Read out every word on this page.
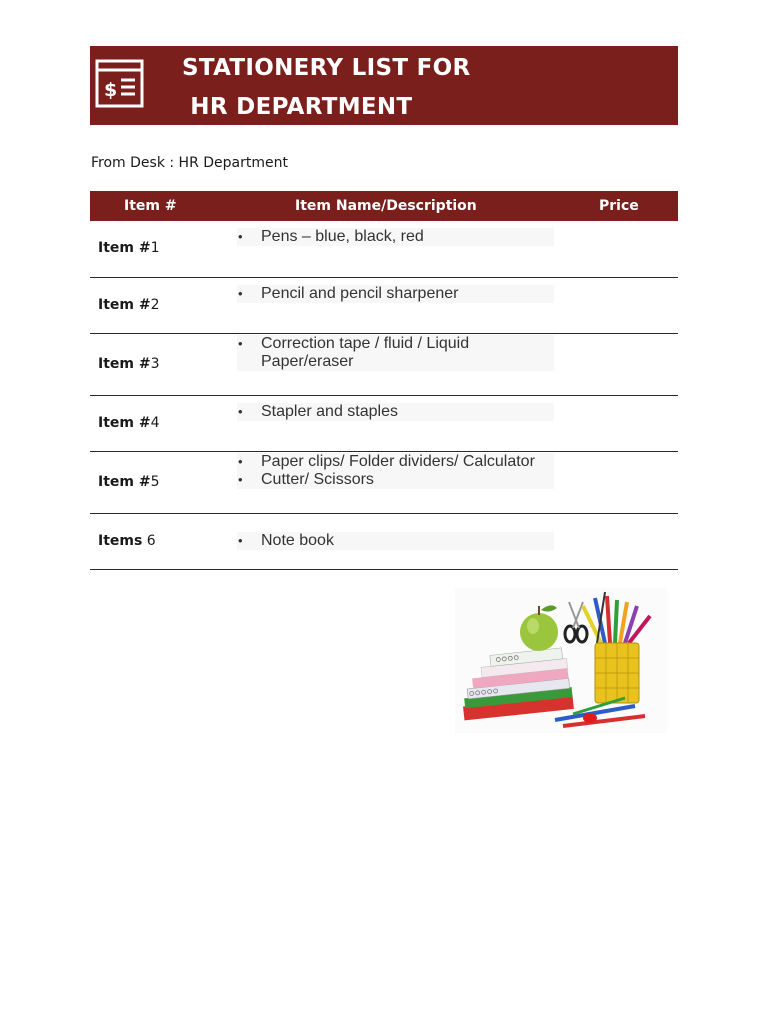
$
STATIONERY LIST FOR
HR DEPARTMENT
From Desk : HR Department
Item #	Item Name/Description	Price
Item #1
• Pens – blue, black, red
Item #2
• Pencil and pencil sharpener
Item #3
• Correction tape / fluid / Liquid Paper/eraser
Item #4
• Stapler and staples
Item #5
• Paper clips/ Folder dividers/ Calculator
• Cutter/ Scissors
Items 6
•	Note book
